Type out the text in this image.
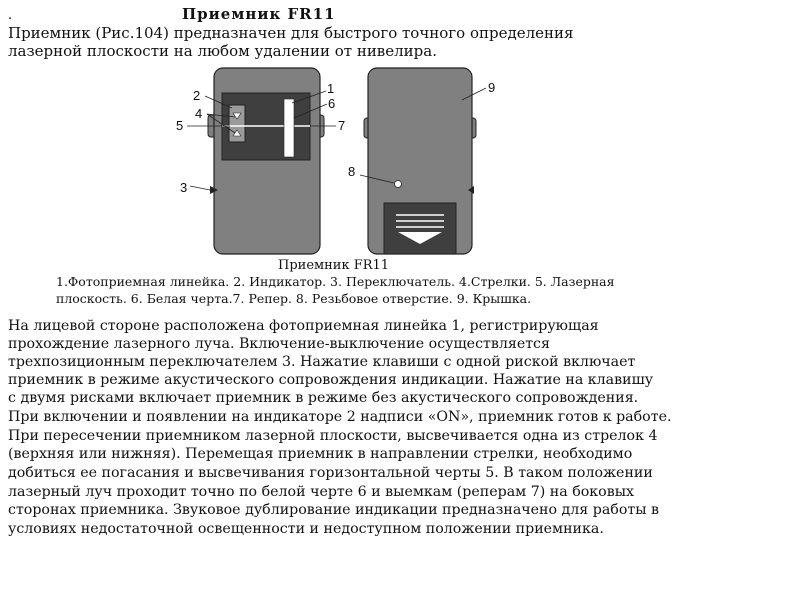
.	Приемник FR11
Приемник (Рис.104) предназначен для быстрого точного определения
лазерной плоскости на любом удалении от нивелира.
1
2
4
5
6
7
3
9
8
Приемник FR11
1.Фотоприемная линейка. 2. Индикатор. 3. Переключатель. 4.Стрелки. 5. Лазерная
плоскость. 6. Белая черта.7. Репер. 8. Резьбовое отверстие. 9. Крышка.
На лицевой стороне расположена фотоприемная линейка 1, регистрирующая
прохождение лазерного луча. Включение-выключение осуществляется
трехпозиционным переключателем 3. Нажатие клавиши с одной риской включает
приемник в режиме акустического сопровождения индикации. Нажатие на клавишу
с двумя рисками включает приемник в режиме без акустического сопровождения.
При включении и появлении на индикаторе 2 надписи «ON», приемник готов к работе.
При пересечении приемником лазерной плоскости, высвечивается одна из стрелок 4
(верхняя или нижняя). Перемещая приемник в направлении стрелки, необходимо
добиться ее погасания и высвечивания горизонтальной черты 5. В таком положении
лазерный луч проходит точно по белой черте 6 и выемкам (реперам 7) на боковых
сторонах приемника. Звуковое дублирование индикации предназначено для работы в
условиях недостаточной освещенности и недоступном положении приемника.
